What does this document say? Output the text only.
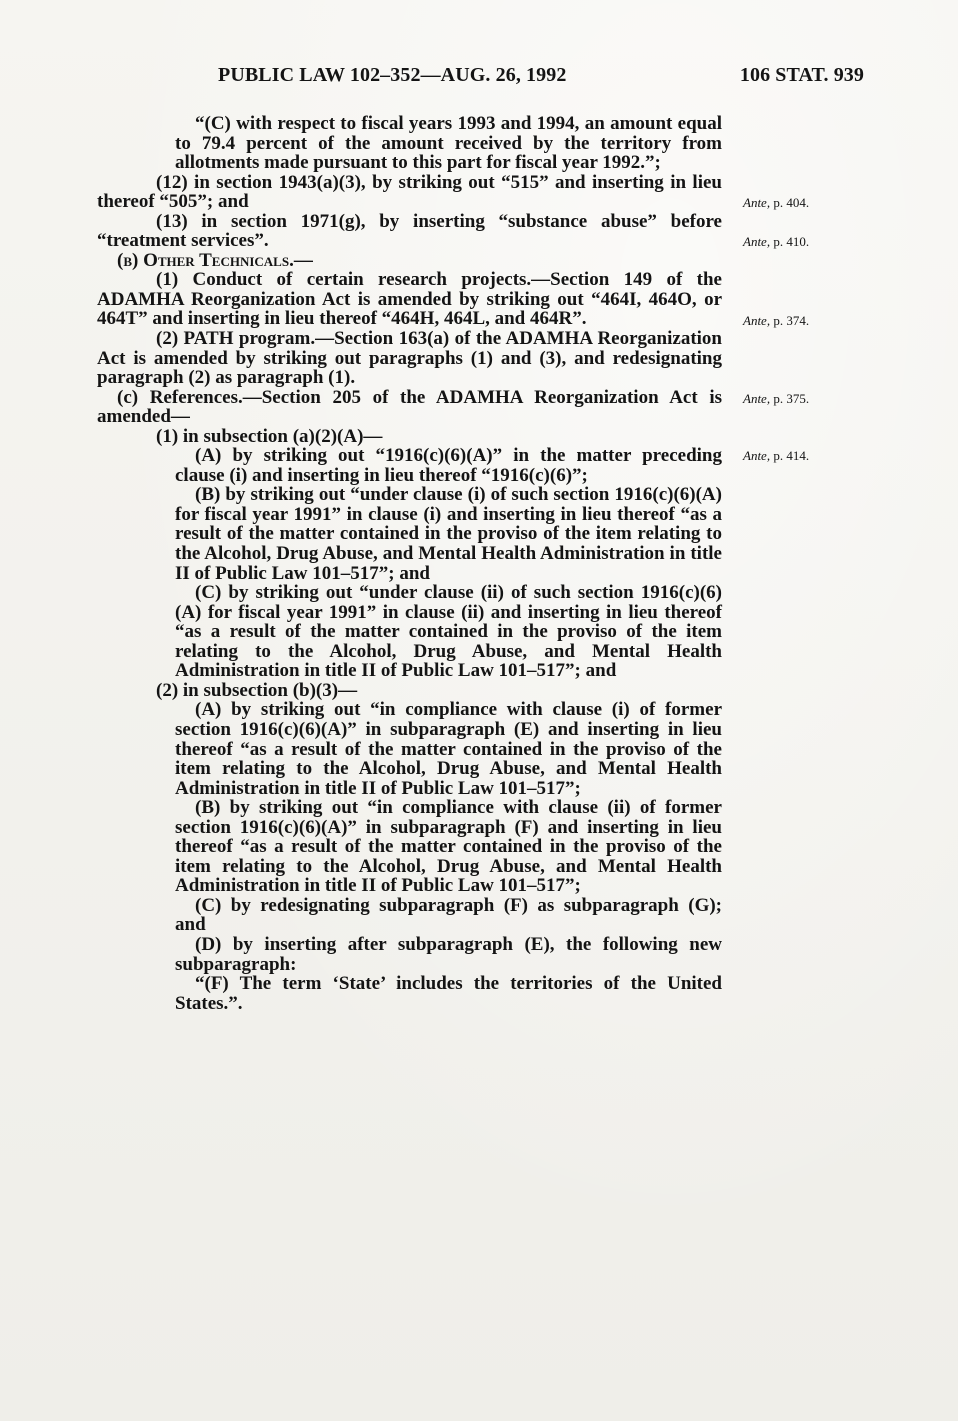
PUBLIC LAW 102–352—AUG. 26, 1992	106 STAT. 939

“(C) with respect to fiscal years 1993 and 1994, an amount equal to 79.4 percent of the amount received by the territory from allotments made pursuant to this part for fiscal year 1992.”;

(12) in section 1943(a)(3), by striking out “515” and inserting in lieu thereof “505”; and

(13) in section 1971(g), by inserting “substance abuse” before “treatment services”.

(b) Other Technicals.—

(1) Conduct of certain research projects.—Section 149 of the ADAMHA Reorganization Act is amended by striking out “464I, 464O, or 464T” and inserting in lieu thereof “464H, 464L, and 464R”.

(2) PATH program.—Section 163(a) of the ADAMHA Reorganization Act is amended by striking out paragraphs (1) and (3), and redesignating paragraph (2) as paragraph (1).

(c) References.—Section 205 of the ADAMHA Reorganization Act is amended—

(1) in subsection (a)(2)(A)—

(A) by striking out “1916(c)(6)(A)” in the matter preceding clause (i) and inserting in lieu thereof “1916(c)(6)”;

(B) by striking out “under clause (i) of such section 1916(c)(6)(A) for fiscal year 1991” in clause (i) and inserting in lieu thereof “as a result of the matter contained in the proviso of the item relating to the Alcohol, Drug Abuse, and Mental Health Administration in title II of Public Law 101–517”; and

(C) by striking out “under clause (ii) of such section 1916(c)(6)(A) for fiscal year 1991” in clause (ii) and inserting in lieu thereof “as a result of the matter contained in the proviso of the item relating to the Alcohol, Drug Abuse, and Mental Health Administration in title II of Public Law 101–517”; and

(2) in subsection (b)(3)—

(A) by striking out “in compliance with clause (i) of former section 1916(c)(6)(A)” in subparagraph (E) and inserting in lieu thereof “as a result of the matter contained in the proviso of the item relating to the Alcohol, Drug Abuse, and Mental Health Administration in title II of Public Law 101–517”;

(B) by striking out “in compliance with clause (ii) of former section 1916(c)(6)(A)” in subparagraph (F) and inserting in lieu thereof “as a result of the matter contained in the proviso of the item relating to the Alcohol, Drug Abuse, and Mental Health Administration in title II of Public Law 101–517”;

(C) by redesignating subparagraph (F) as subparagraph (G); and

(D) by inserting after subparagraph (E), the following new subparagraph:

“(F) The term ‘State’ includes the territories of the United States.”.

Ante, p. 404.
Ante, p. 410.
Ante, p. 374.
Ante, p. 375.
Ante, p. 414.
